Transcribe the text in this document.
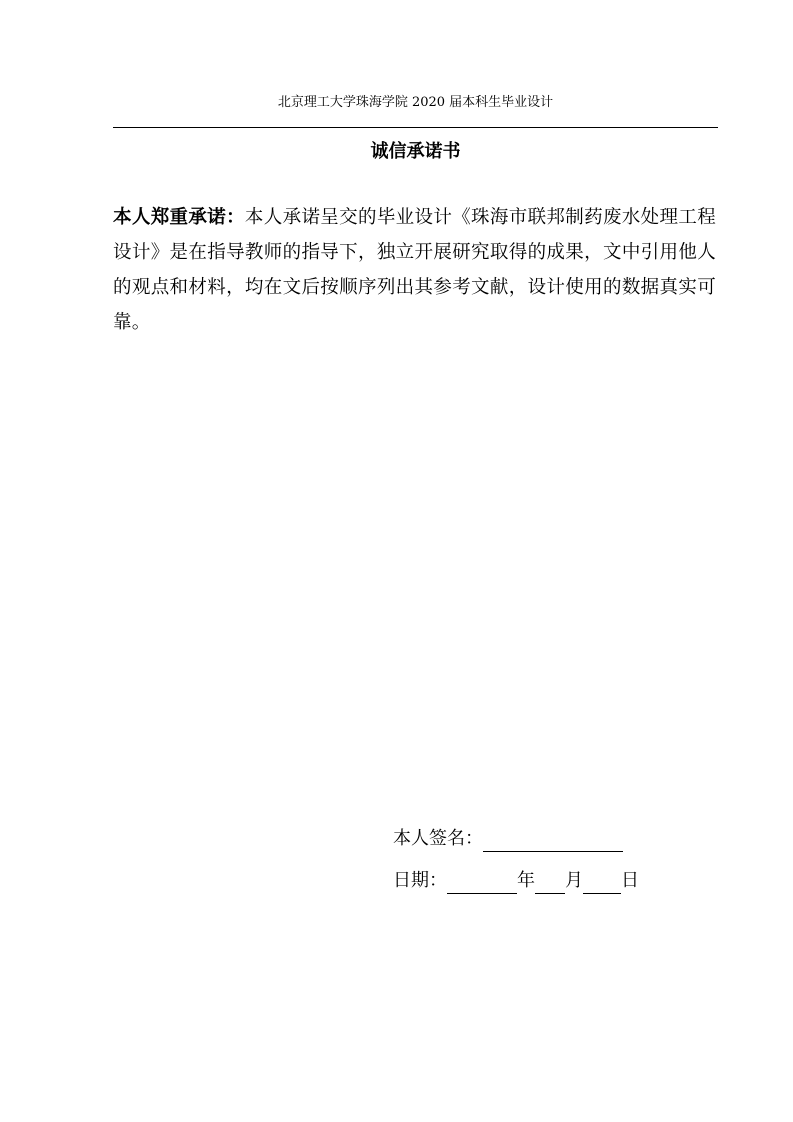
北京理工大学珠海学院 2020 届本科生毕业设计
诚信承诺书
本人郑重承诺：本人承诺呈交的毕业设计《珠海市联邦制药废水处理工程设计》是在指导教师的指导下，独立开展研究取得的成果，文中引用他人的观点和材料，均在文后按顺序列出其参考文献，设计使用的数据真实可靠。
本人签名：
日期：	年 月 日
